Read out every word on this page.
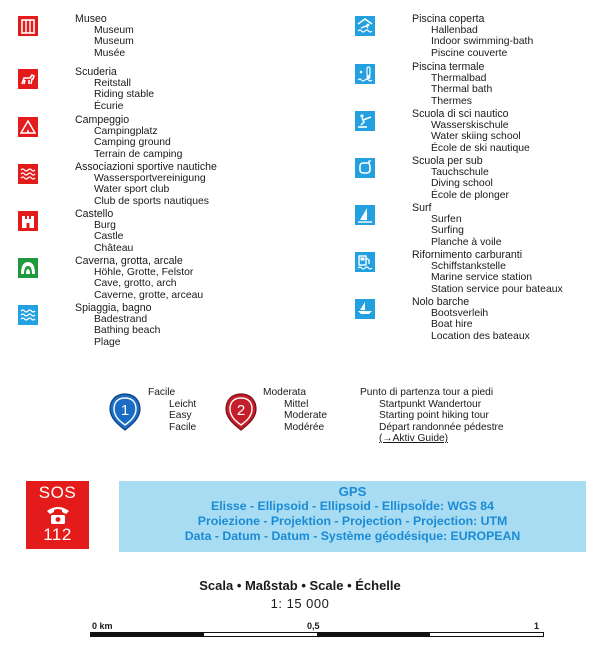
Museo
Museum
Museum
Musée
Scuderia
Reitstall
Riding stable
Écurie
Campeggio
Campingplatz
Camping ground
Terrain de camping
Associazioni sportive nautiche
Wassersportvereinigung
Water sport club
Club de sports nautiques
Castello
Burg
Castle
Château
Caverna, grotta, arcale
Höhle, Grotte, Felstor
Cave, grotto, arch
Caverne, grotte, arceau
Spiaggia, bagno
Badestrand
Bathing beach
Plage
Piscina coperta
Hallenbad
Indoor swimming-bath
Piscine couverte
Piscina termale
Thermalbad
Thermal bath
Thermes
Scuola di sci nautico
Wasserskischule
Water skiing school
École de ski nautique
Scuola per sub
Tauchschule
Diving school
École de plonger
Surf
Surfen
Surfing
Planche à voile
Rifornimento carburanti
Schiffstankstelle
Marine service station
Station service pour bateaux
Nolo barche
Bootsverleih
Boat hire
Location des bateaux
1
Facile
Leicht
Easy
Facile
2
Moderata
Mittel
Moderate
Modérée
Punto di partenza tour a piedi
Startpunkt Wandertour
Starting point hiking tour
Départ randonnée pédestre
(→Aktiv Guide)
SOS
112
GPS
Elisse - Ellipsoid - Ellipsoid - EllipsoÏde: WGS 84
Proiezione - Projektion - Projection - Projection: UTM
Data - Datum - Datum - Système géodésique: EUROPEAN
Scala • Maßstab • Scale • Échelle
1: 15 000
0 km	0,5	1
